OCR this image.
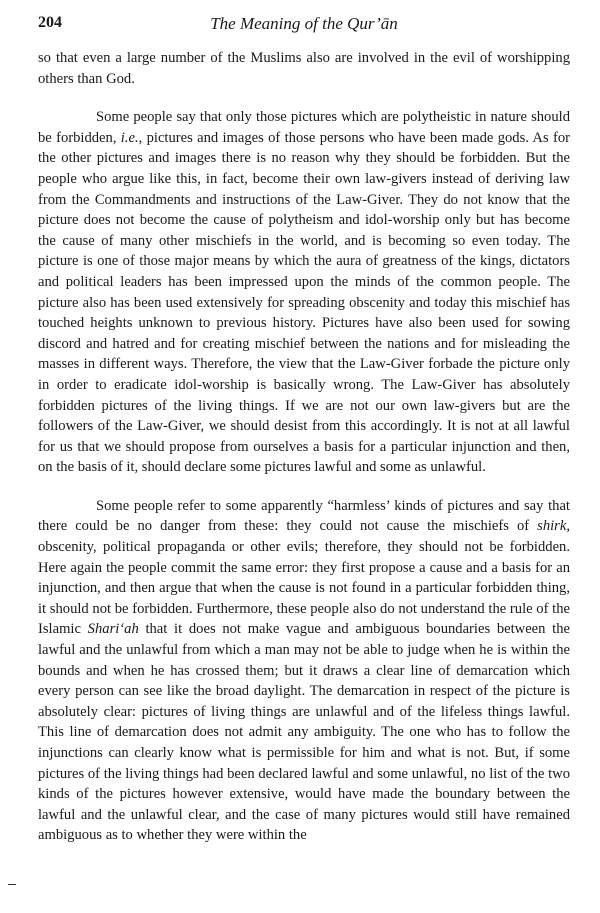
204	The Meaning of the Qur’ān

so that even a large number of the Muslims also are involved in the evil of worshipping others than God.

Some people say that only those pictures which are polytheistic in nature should be forbidden, i.e., pictures and images of those persons who have been made gods. As for the other pictures and images there is no reason why they should be forbidden. But the people who argue like this, in fact, become their own law-givers instead of deriving law from the Commandments and instructions of the Law-Giver. They do not know that the picture does not become the cause of polytheism and idol-worship only but has become the cause of many other mischiefs in the world, and is becoming so even today. The picture is one of those major means by which the aura of greatness of the kings, dictators and political leaders has been impressed upon the minds of the common people. The picture also has been used extensively for spreading obscenity and today this mischief has touched heights unknown to previous history. Pictures have also been used for sowing discord and hatred and for creating mischief between the nations and for misleading the masses in different ways. Therefore, the view that the Law-Giver forbade the picture only in order to eradicate idol-worship is basically wrong. The Law-Giver has absolutely forbidden pictures of the living things. If we are not our own law-givers but are the followers of the Law-Giver, we should desist from this accordingly. It is not at all lawful for us that we should propose from ourselves a basis for a particular injunction and then, on the basis of it, should declare some pictures lawful and some as unlawful.

Some people refer to some apparently “harmless’ kinds of pictures and say that there could be no danger from these: they could not cause the mischiefs of shirk, obscenity, political propaganda or other evils; therefore, they should not be forbidden. Here again the people commit the same error: they first propose a cause and a basis for an injunction, and then argue that when the cause is not found in a particular forbidden thing, it should not be forbidden. Furthermore, these people also do not understand the rule of the Islamic Shari‘ah that it does not make vague and ambiguous boundaries between the lawful and the unlawful from which a man may not be able to judge when he is within the bounds and when he has crossed them; but it draws a clear line of demarcation which every person can see like the broad daylight. The demarcation in respect of the picture is absolutely clear: pictures of living things are unlawful and of the lifeless things lawful. This line of demarcation does not admit any ambiguity. The one who has to follow the injunctions can clearly know what is permissible for him and what is not. But, if some pictures of the living things had been declared lawful and some unlawful, no list of the two kinds of the pictures however extensive, would have made the boundary between the lawful and the unlawful clear, and the case of many pictures would still have remained ambiguous as to whether they were within the
